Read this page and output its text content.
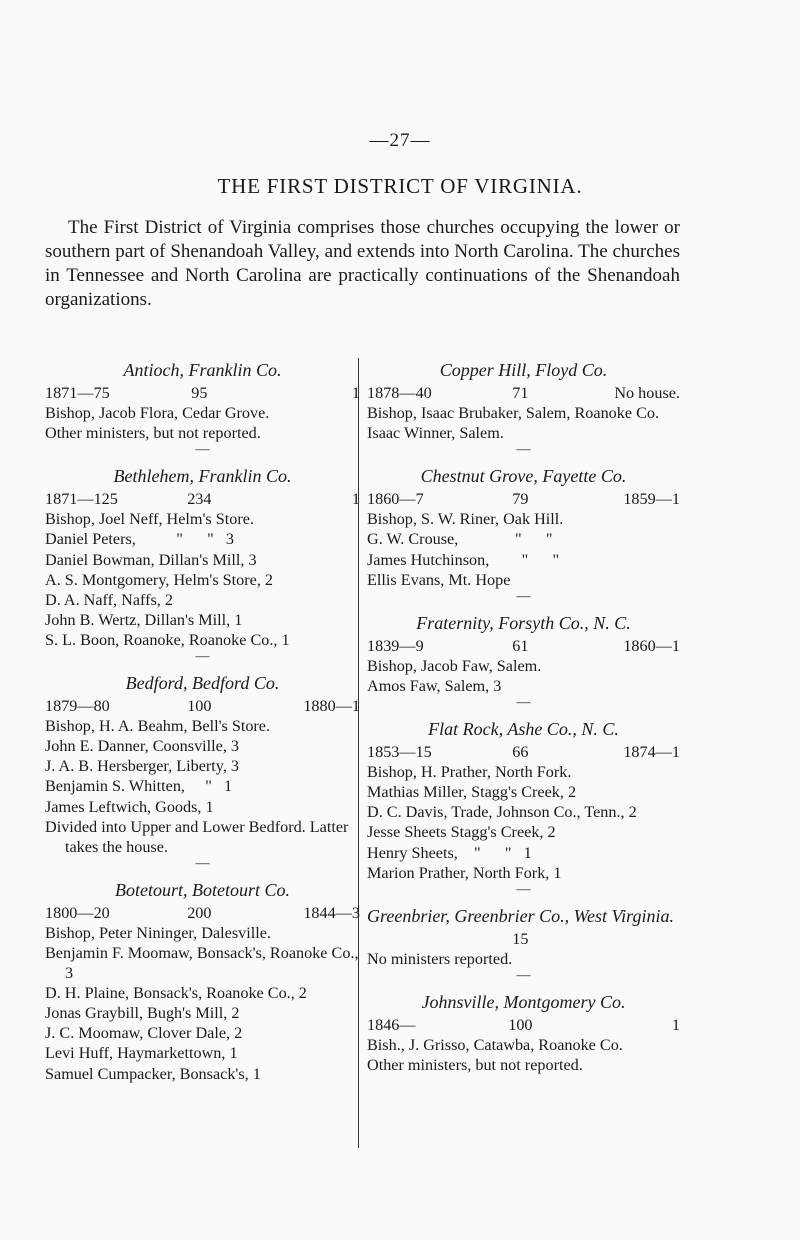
—27—
THE FIRST DISTRICT OF VIRGINIA.
The First District of Virginia comprises those churches occupying the lower or southern part of Shenandoah Valley, and extends into North Carolina. The churches in Tennessee and North Carolina are practically continuations of the Shenandoah organizations.
Antioch, Franklin Co.
1871—75	95	1
Bishop, Jacob Flora, Cedar Grove.
Other ministers, but not reported.
—
Bethlehem, Franklin Co.
1871—125	234	1
Bishop, Joel Neff, Helm's Store.
Daniel Peters,          "      "   3
Daniel Bowman, Dillan's Mill, 3
A. S. Montgomery, Helm's Store, 2
D. A. Naff, Naffs, 2
John B. Wertz, Dillan's Mill, 1
S. L. Boon, Roanoke, Roanoke Co., 1
—
Bedford, Bedford Co.
1879—80	100	1880—1
Bishop, H. A. Beahm, Bell's Store.
John E. Danner, Coonsville, 3
J. A. B. Hersberger, Liberty, 3
Benjamin S. Whitten,     "   1
James Leftwich, Goods, 1
Divided into Upper and Lower Bedford. Latter takes the house.
—
Botetourt, Botetourt Co.
1800—20	200	1844—3
Bishop, Peter Nininger, Dalesville.
Benjamin F. Moomaw, Bonsack's, Roanoke Co., 3
D. H. Plaine, Bonsack's, Roanoke Co., 2
Jonas Graybill, Bugh's Mill, 2
J. C. Moomaw, Clover Dale, 2
Levi Huff, Haymarkettown, 1
Samuel Cumpacker, Bonsack's, 1
Copper Hill, Floyd Co.
1878—40	71	No house.
Bishop, Isaac Brubaker, Salem, Roanoke Co.
Isaac Winner, Salem.
—
Chestnut Grove, Fayette Co.
1860—7	79	1859—1
Bishop, S. W. Riner, Oak Hill.
G. W. Crouse,              "      "
James Hutchinson,        "      "
Ellis Evans, Mt. Hope
—
Fraternity, Forsyth Co., N. C.
1839—9	61	1860—1
Bishop, Jacob Faw, Salem.
Amos Faw, Salem, 3
—
Flat Rock, Ashe Co., N. C.
1853—15	66	1874—1
Bishop, H. Prather, North Fork.
Mathias Miller, Stagg's Creek, 2
D. C. Davis, Trade, Johnson Co., Tenn., 2
Jesse Sheets Stagg's Creek, 2
Henry Sheets,    "      "   1
Marion Prather, North Fork, 1
—
Greenbrier, Greenbrier Co., West Virginia.
15
No ministers reported.
—
Johnsville, Montgomery Co.
1846—	100	1
Bish., J. Grisso, Catawba, Roanoke Co.
Other ministers, but not reported.
